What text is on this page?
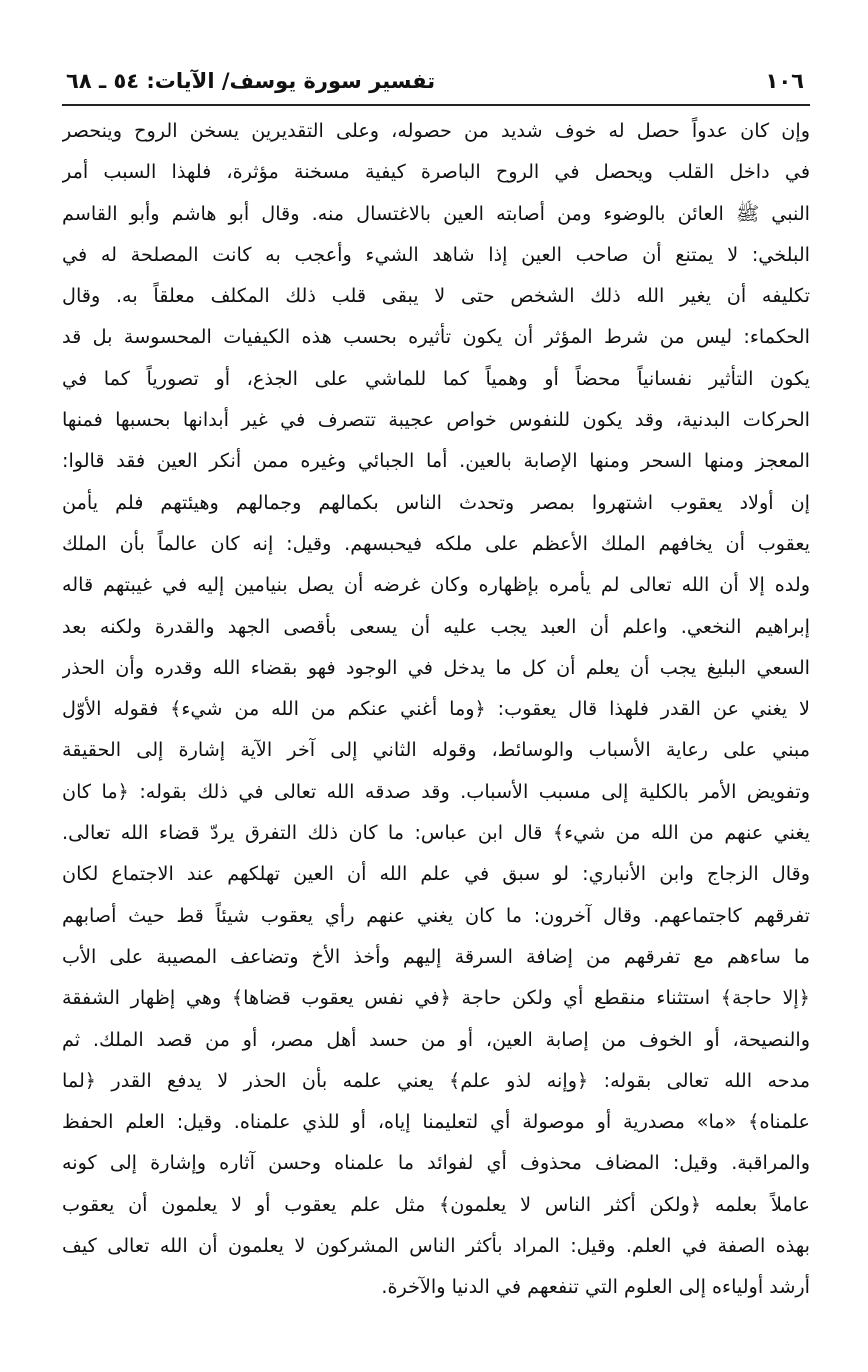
١٠٦
تفسير سورة يوسف/ الآيات: ٥٤ ـ ٦٨
وإن كان عدواً حصل له خوف شديد من حصوله، وعلى التقديرين يسخن الروح وينحصر
في داخل القلب ويحصل في الروح الباصرة كيفية مسخنة مؤثرة، فلهذا السبب أمر
النبي ﷺ العائن بالوضوء ومن أصابته العين بالاغتسال منه. وقال أبو هاشم وأبو القاسم
البلخي: لا يمتنع أن صاحب العين إذا شاهد الشيء وأعجب به كانت المصلحة له في
تكليفه أن يغير الله ذلك الشخص حتى لا يبقى قلب ذلك المكلف معلقاً به. وقال
الحكماء: ليس من شرط المؤثر أن يكون تأثيره بحسب هذه الكيفيات المحسوسة بل قد
يكون التأثير نفسانياً محضاً أو وهمياً كما للماشي على الجذع، أو تصورياً كما في
الحركات البدنية، وقد يكون للنفوس خواص عجيبة تتصرف في غير أبدانها بحسبها فمنها
المعجز ومنها السحر ومنها الإصابة بالعين. أما الجبائي وغيره ممن أنكر العين فقد قالوا:
إن أولاد يعقوب اشتهروا بمصر وتحدث الناس بكمالهم وجمالهم وهيئتهم فلم يأمن
يعقوب أن يخافهم الملك الأعظم على ملكه فيحبسهم. وقيل: إنه كان عالماً بأن الملك
ولده إلا أن الله تعالى لم يأمره بإظهاره وكان غرضه أن يصل بنيامين إليه في غيبتهم قاله
إبراهيم النخعي. واعلم أن العبد يجب عليه أن يسعى بأقصى الجهد والقدرة ولكنه بعد
السعي البليغ يجب أن يعلم أن كل ما يدخل في الوجود فهو بقضاء الله وقدره وأن الحذر
لا يغني عن القدر فلهذا قال يعقوب: ﴿وما أغني عنكم من الله من شيء﴾ فقوله الأوّل
مبني على رعاية الأسباب والوسائط، وقوله الثاني إلى آخر الآية إشارة إلى الحقيقة
وتفويض الأمر بالكلية إلى مسبب الأسباب. وقد صدقه الله تعالى في ذلك بقوله: ﴿ما كان
يغني عنهم من الله من شيء﴾ قال ابن عباس: ما كان ذلك التفرق يردّ قضاء الله تعالى.
وقال الزجاج وابن الأنباري: لو سبق في علم الله أن العين تهلكهم عند الاجتماع لكان
تفرقهم كاجتماعهم. وقال آخرون: ما كان يغني عنهم رأي يعقوب شيئاً قط حيث أصابهم
ما ساءهم مع تفرقهم من إضافة السرقة إليهم وأخذ الأخ وتضاعف المصيبة على الأب
﴿إلا حاجة﴾ استثناء منقطع أي ولكن حاجة ﴿في نفس يعقوب قضاها﴾ وهي إظهار الشفقة
والنصيحة، أو الخوف من إصابة العين، أو من حسد أهل مصر، أو من قصد الملك. ثم
مدحه الله تعالى بقوله: ﴿وإنه لذو علم﴾ يعني علمه بأن الحذر لا يدفع القدر ﴿لما
علمناه﴾ «ما» مصدرية أو موصولة أي لتعليمنا إياه، أو للذي علمناه. وقيل: العلم الحفظ
والمراقبة. وقيل: المضاف محذوف أي لفوائد ما علمناه وحسن آثاره وإشارة إلى كونه
عاملاً بعلمه ﴿ولكن أكثر الناس لا يعلمون﴾ مثل علم يعقوب أو لا يعلمون أن يعقوب
بهذه الصفة في العلم. وقيل: المراد بأكثر الناس المشركون لا يعلمون أن الله تعالى كيف
أرشد أولياءه إلى العلوم التي تنفعهم في الدنيا والآخرة.
